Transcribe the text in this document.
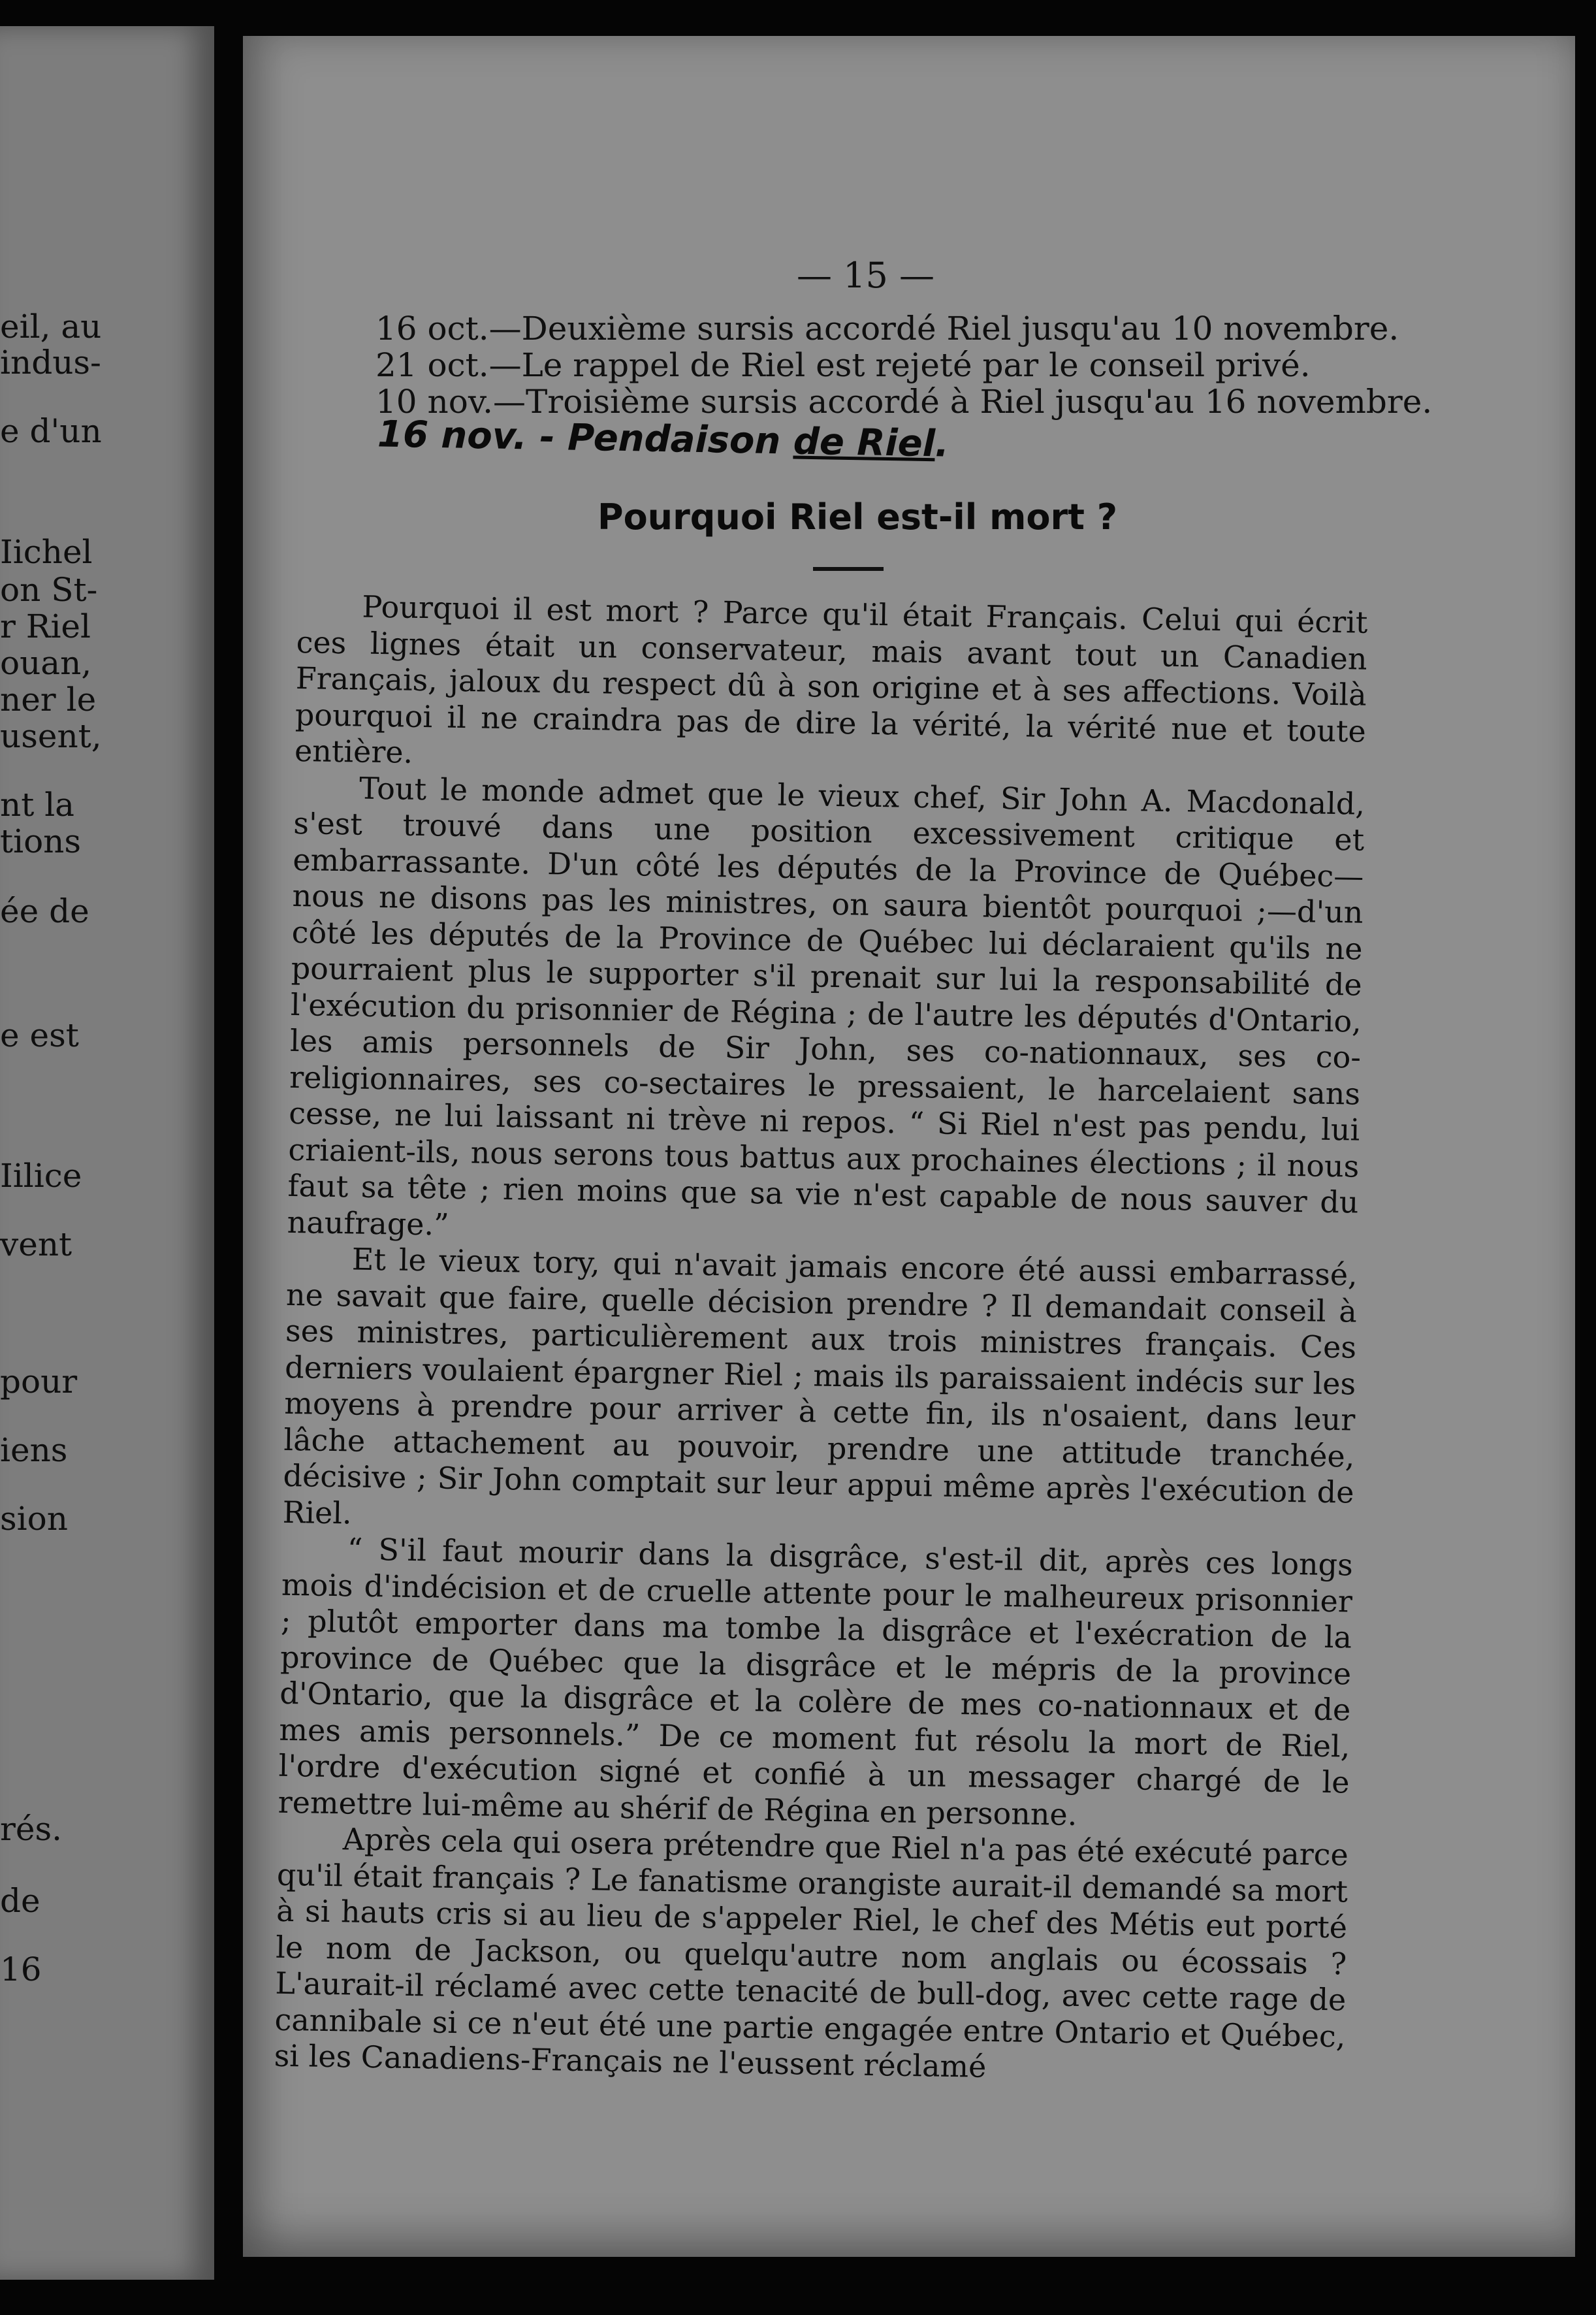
eil, au
indus-
e d'un
Iichel
on St-
r Riel
ouan,
ner le
usent,
nt la
tions
ée de
e est
Iilice
vent
pour
iens
sion
rés.
de
16
— 15 —
16 oct.—Deuxième sursis accordé Riel jusqu'au 10 novembre.
21 oct.—Le rappel de Riel est rejeté par le conseil privé.
10 nov.—Troisième sursis accordé à Riel jusqu'au 16 novembre.
16 nov. - Pendaison de Riel.
Pourquoi Riel est-il mort ?

Pourquoi il est mort ? Parce qu'il était Français. Celui qui écrit ces lignes était un conservateur, mais avant tout un Canadien Français, jaloux du respect dû à son origine et à ses affections. Voilà pourquoi il ne craindra pas de dire la vérité, la vérité nue et toute entière.

Tout le monde admet que le vieux chef, Sir John A. Macdonald, s'est trouvé dans une position excessivement critique et embarrassante. D'un côté les députés de la Province de Québec—nous ne disons pas les ministres, on saura bientôt pourquoi ;—d'un côté les députés de la Province de Québec lui déclaraient qu'ils ne pourraient plus le supporter s'il prenait sur lui la responsabilité de l'exécution du prisonnier de Régina ; de l'autre les députés d'Ontario, les amis personnels de Sir John, ses co-nationnaux, ses co-religionnaires, ses co-sectaires le pressaient, le harcelaient sans cesse, ne lui laissant ni trève ni repos. “ Si Riel n'est pas pendu, lui criaient-ils, nous serons tous battus aux prochaines élections ; il nous faut sa tête ; rien moins que sa vie n'est capable de nous sauver du naufrage.”

Et le vieux tory, qui n'avait jamais encore été aussi embarrassé, ne savait que faire, quelle décision prendre ? Il demandait conseil à ses ministres, particulièrement aux trois ministres français. Ces derniers voulaient épargner Riel ; mais ils paraissaient indécis sur les moyens à prendre pour arriver à cette fin, ils n'osaient, dans leur lâche attachement au pouvoir, prendre une attitude tranchée, décisive ; Sir John comptait sur leur appui même après l'exécution de Riel.

“ S'il faut mourir dans la disgrâce, s'est-il dit, après ces longs mois d'indécision et de cruelle attente pour le malheureux prisonnier ; plutôt emporter dans ma tombe la disgrâce et l'exécration de la province de Québec que la disgrâce et le mépris de la province d'Ontario, que la disgrâce et la colère de mes co-nationnaux et de mes amis personnels.” De ce moment fut résolu la mort de Riel, l'ordre d'exécution signé et confié à un messager chargé de le remettre lui-même au shérif de Régina en personne.

Après cela qui osera prétendre que Riel n'a pas été exécuté parce qu'il était français ? Le fanatisme orangiste aurait-il demandé sa mort à si hauts cris si au lieu de s'appeler Riel, le chef des Métis eut porté le nom de Jackson, ou quelqu'autre nom anglais ou écossais ? L'aurait-il réclamé avec cette tenacité de bull-dog, avec cette rage de cannibale si ce n'eut été une partie engagée entre Ontario et Québec, si les Canadiens-Français ne l'eussent réclamé
